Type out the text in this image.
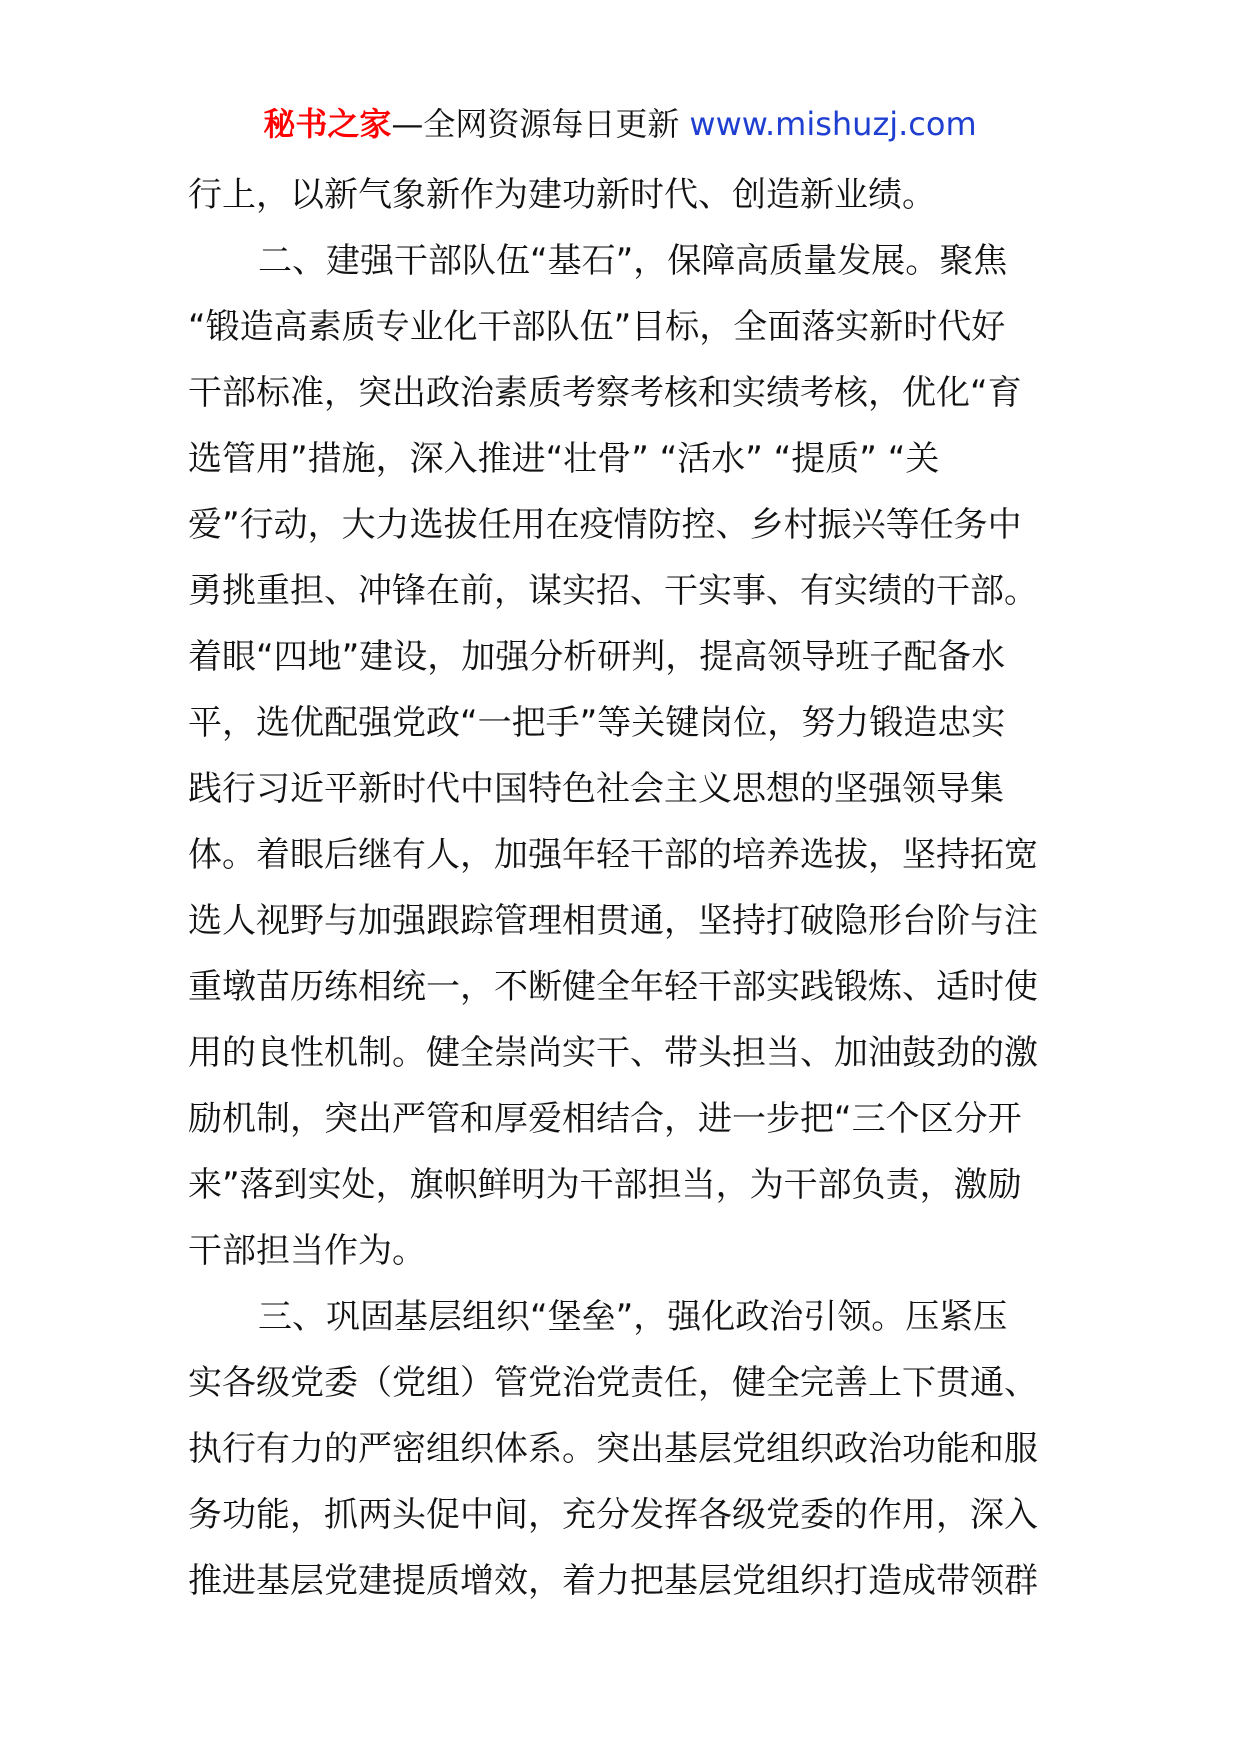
秘书之家—全网资源每日更新 www.mishuzj.com

行上，以新气象新作为建功新时代、创造新业绩。

二、建强干部队伍“基石”，保障高质量发展。聚焦
“锻造高素质专业化干部队伍”目标，全面落实新时代好
干部标准，突出政治素质考察考核和实绩考核，优化“育
选管用”措施，深入推进“壮骨” “活水” “提质” “关
爱”行动，大力选拔任用在疫情防控、乡村振兴等任务中
勇挑重担、冲锋在前，谋实招、干实事、有实绩的干部。
着眼“四地”建设，加强分析研判，提高领导班子配备水
平，选优配强党政“一把手”等关键岗位，努力锻造忠实
践行习近平新时代中国特色社会主义思想的坚强领导集
体。着眼后继有人，加强年轻干部的培养选拔，坚持拓宽
选人视野与加强跟踪管理相贯通，坚持打破隐形台阶与注
重墩苗历练相统一，不断健全年轻干部实践锻炼、适时使
用的良性机制。健全崇尚实干、带头担当、加油鼓劲的激
励机制，突出严管和厚爱相结合，进一步把“三个区分开
来”落到实处，旗帜鲜明为干部担当，为干部负责，激励
干部担当作为。

三、巩固基层组织“堡垒”，强化政治引领。压紧压
实各级党委（党组）管党治党责任，健全完善上下贯通、
执行有力的严密组织体系。突出基层党组织政治功能和服
务功能，抓两头促中间，充分发挥各级党委的作用，深入
推进基层党建提质增效，着力把基层党组织打造成带领群
